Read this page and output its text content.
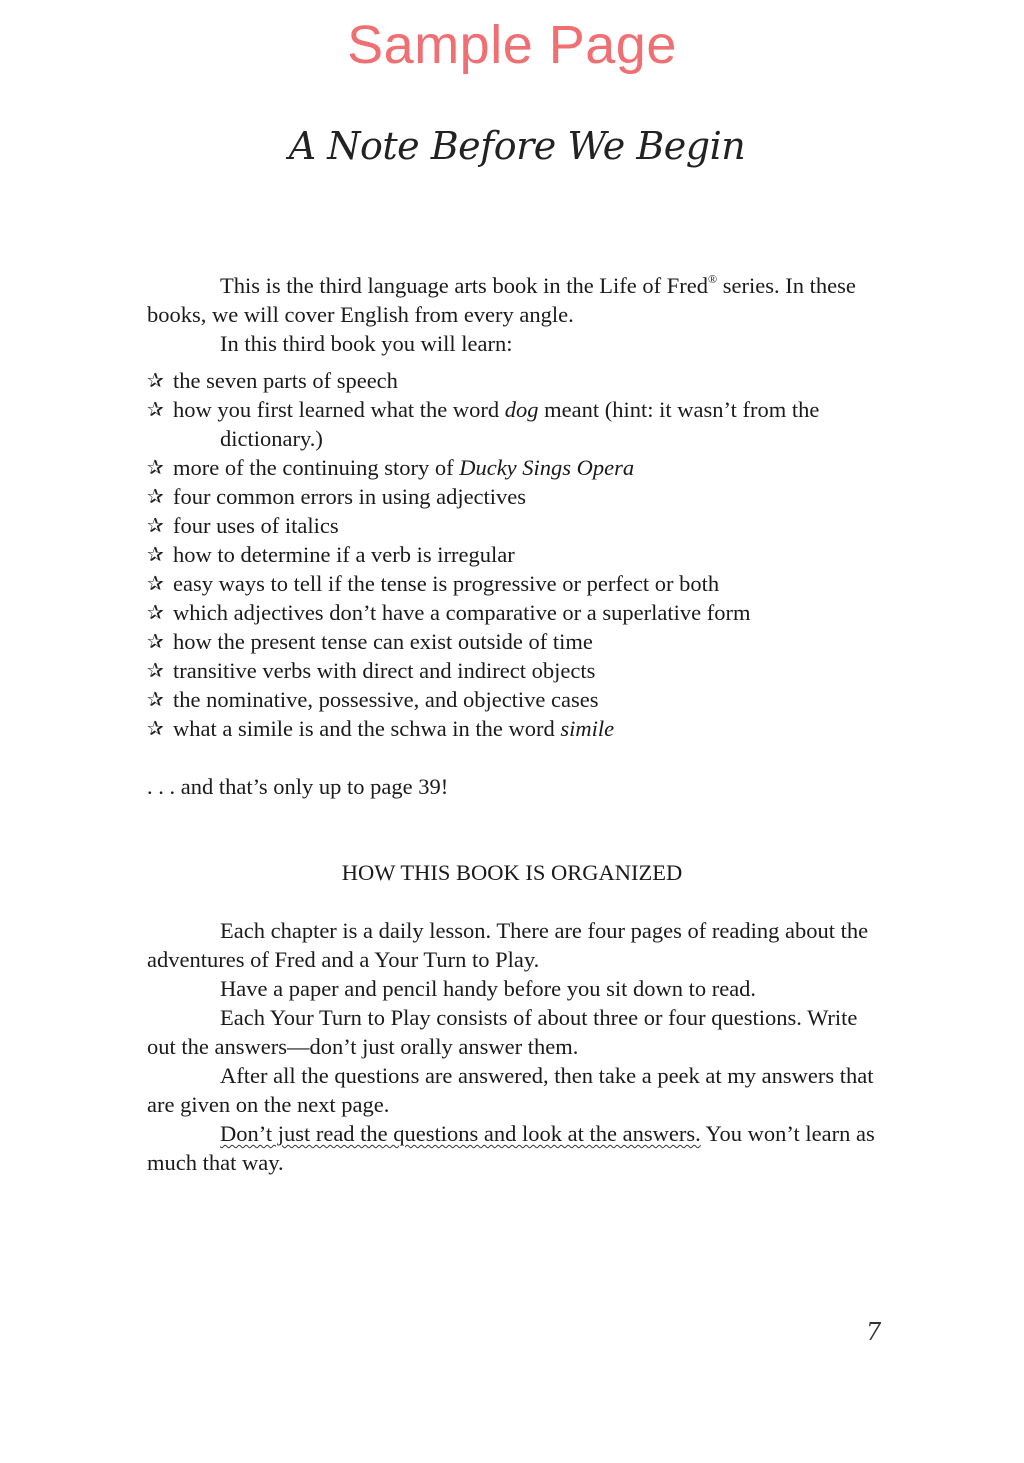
Sample Page
A Note Before We Begin

This is the third language arts book in the Life of Fred® series. In these books, we will cover English from every angle.

In this third book you will learn:

✰ the seven parts of speech
✰ how you first learned what the word dog meant (hint: it wasn’t from the
dictionary.)
✰ more of the continuing story of Ducky Sings Opera
✰ four common errors in using adjectives
✰ four uses of italics
✰ how to determine if a verb is irregular
✰ easy ways to tell if the tense is progressive or perfect or both
✰ which adjectives don’t have a comparative or a superlative form
✰ how the present tense can exist outside of time
✰ transitive verbs with direct and indirect objects
✰ the nominative, possessive, and objective cases
✰ what a simile is and the schwa in the word simile

. . . and that’s only up to page 39!

HOW THIS BOOK IS ORGANIZED

Each chapter is a daily lesson. There are four pages of reading about the adventures of Fred and a Your Turn to Play.

Have a paper and pencil handy before you sit down to read.

Each Your Turn to Play consists of about three or four questions. Write out the answers—don’t just orally answer them.

After all the questions are answered, then take a peek at my answers that are given on the next page.

Don’t just read the questions and look at the answers. You won’t learn as much that way.

7
